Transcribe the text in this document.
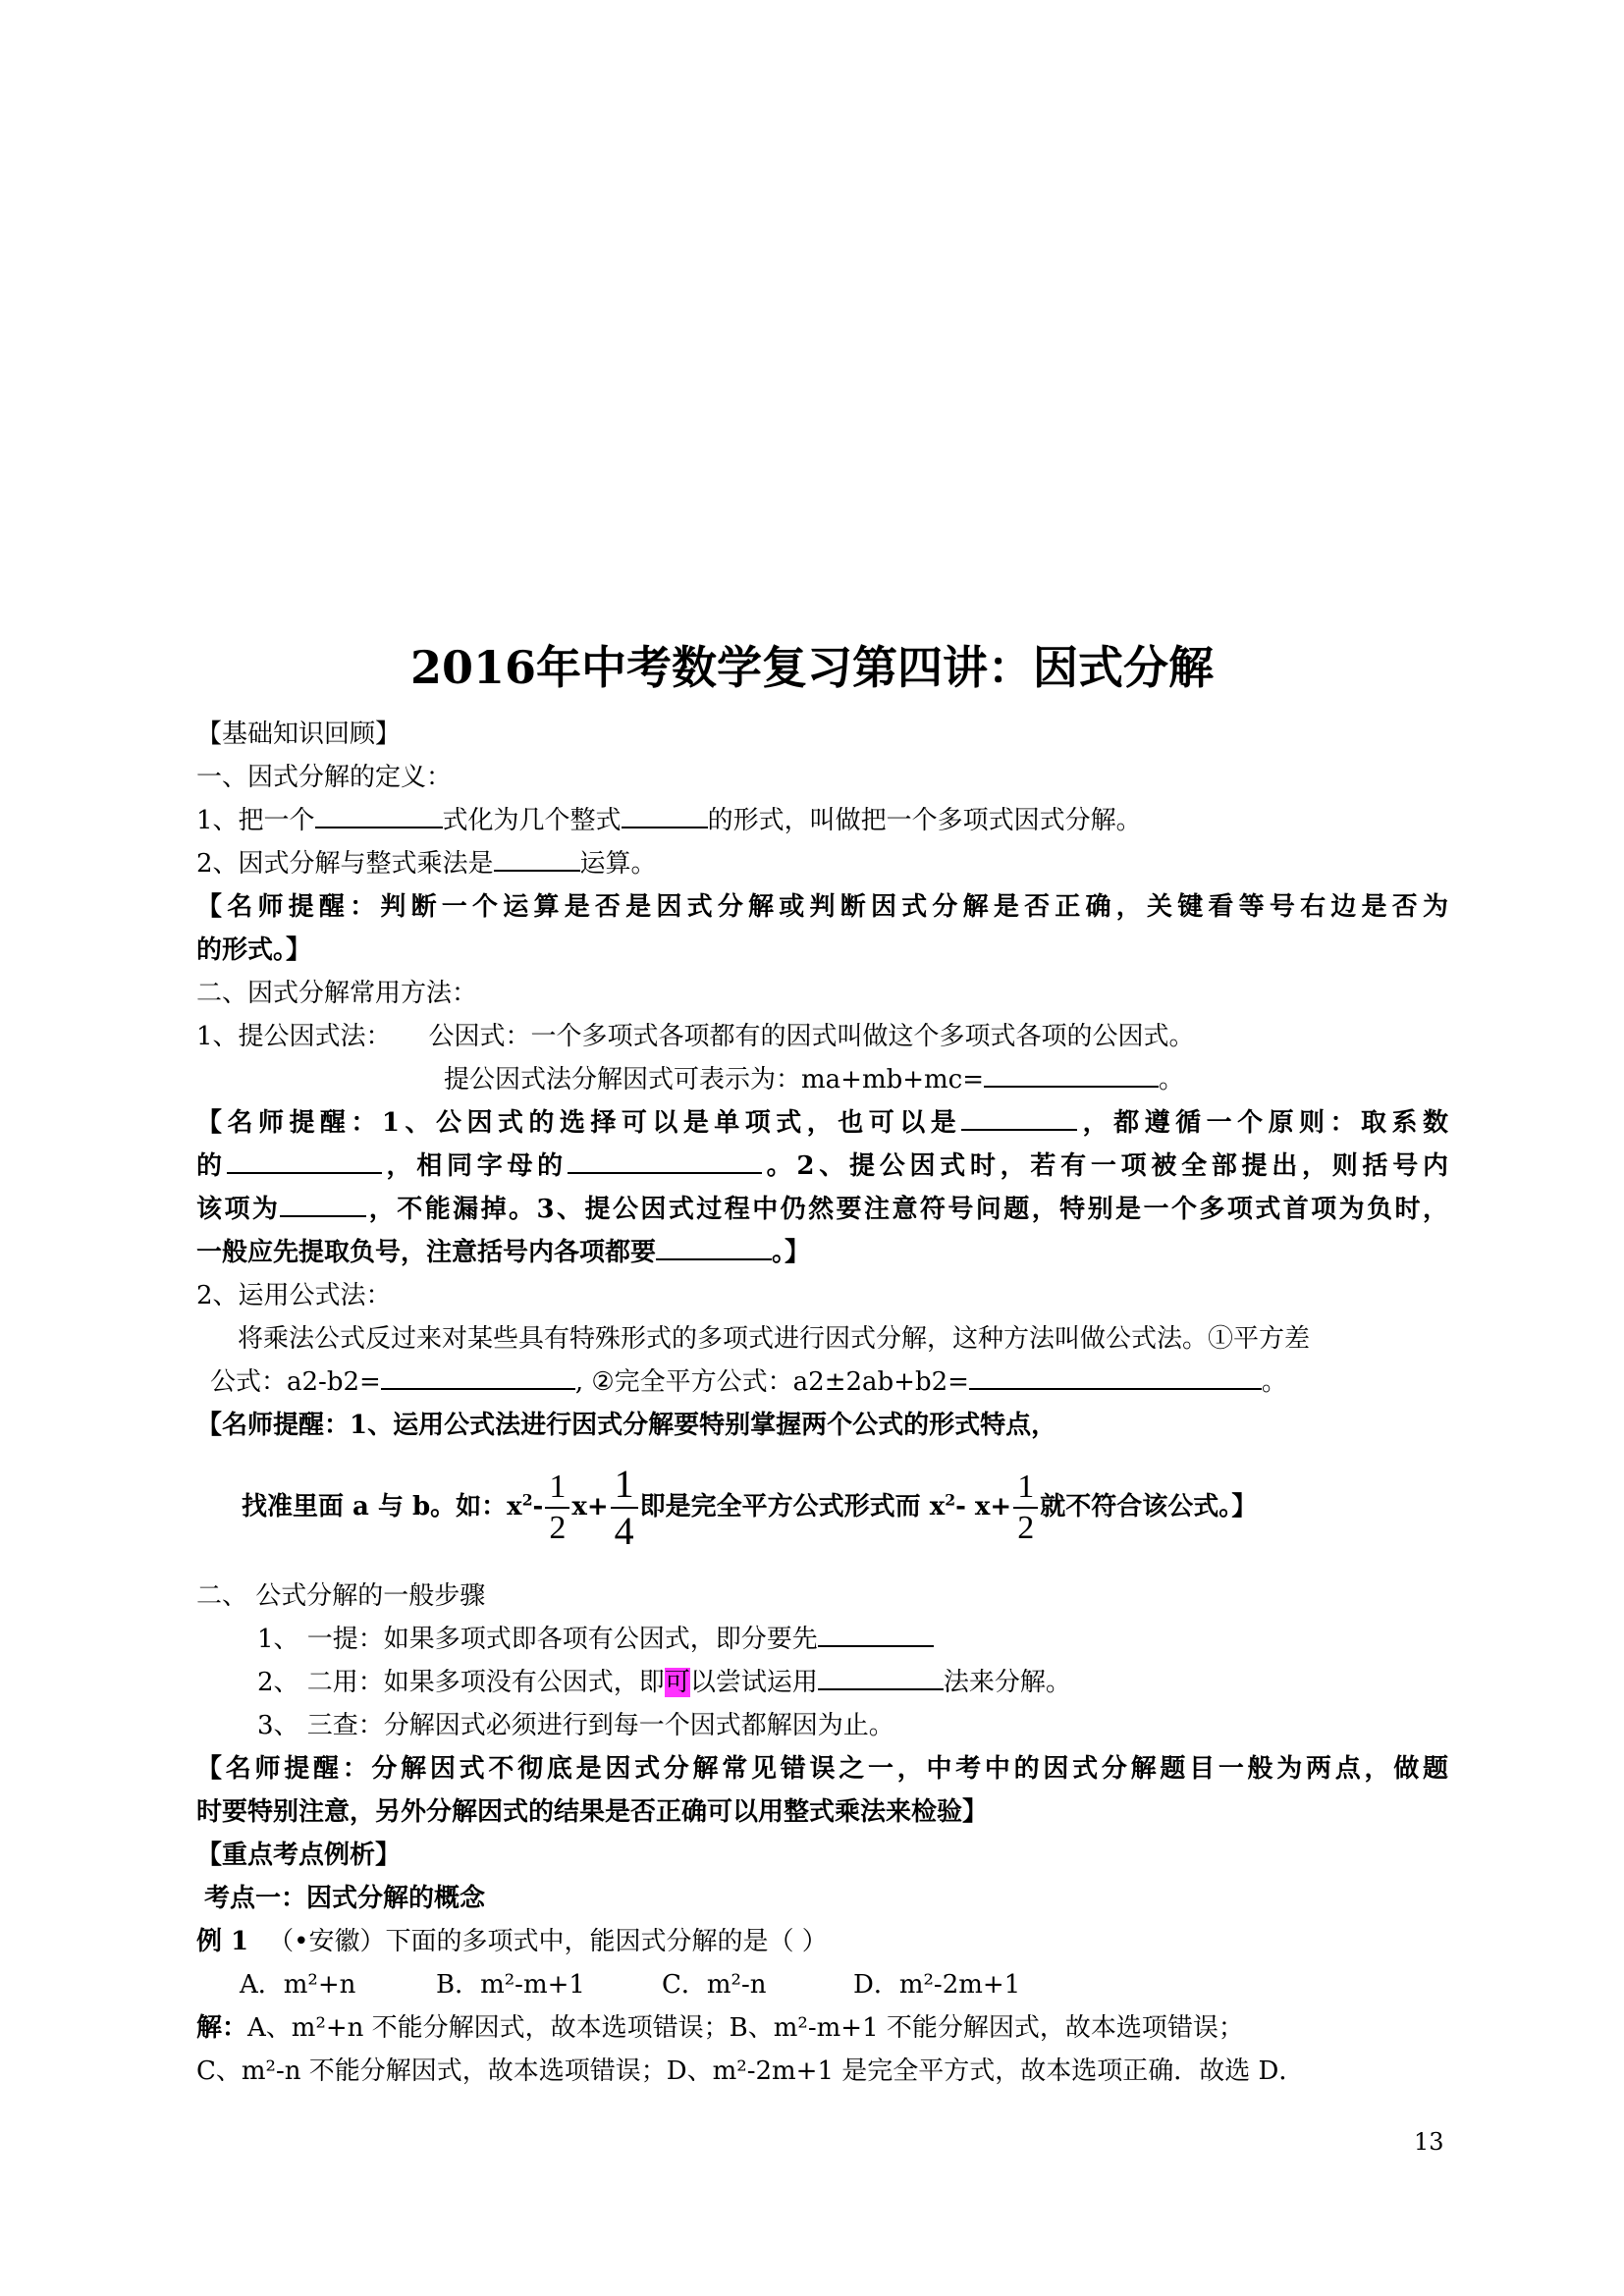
2016年中考数学复习第四讲：因式分解
【基础知识回顾】
一、因式分解的定义：
1、把一个	式化为几个整式	的形式，叫做把一个多项式因式分解。
2、因式分解与整式乘法是	运算。
【名师提醒：判断一个运算是否是因式分解或判断因式分解是否正确，关键看等号右边是否为
的形式。】
二、因式分解常用方法：
1、提公因式法： 公因式：一个多项式各项都有的因式叫做这个多项式各项的公因式。
提公因式法分解因式可表示为：ma+mb+mc=	。
【名师提醒：1、公因式的选择可以是单项式，也可以是	，都遵循一个原则：取系数
的	，相同字母的	。2、提公因式时，若有一项被全部提出，则括号内
该项为	，不能漏掉。3、提公因式过程中仍然要注意符号问题，特别是一个多项式首项为负时，
一般应先提取负号，注意括号内各项都要	。】
2、运用公式法：
将乘法公式反过来对某些具有特殊形式的多项式进行因式分解，这种方法叫做公式法。①平方差
公式：a2-b2=	, ②完全平方公式：a2±2ab+b2=	。
【名师提醒：1、运用公式法进行因式分解要特别掌握两个公式的形式特点，
找准里面 a 与 b。如：$x^2- \frac{1}{2} x+ \frac{1}{4}$ 即是完全平方公式形式而 $x^2-$ $x+ \frac{1}{2}$ 就不符合该公式。】
二、 公式分解的一般步骤
1、 一提：如果多项式即各项有公因式，即分要先
2、 二用：如果多项没有公因式，即可以尝试运用	法来分解。
3、 三查：分解因式必须进行到每一个因式都解因为止。
【名师提醒：分解因式不彻底是因式分解常见错误之一，中考中的因式分解题目一般为两点，做题
时要特别注意，另外分解因式的结果是否正确可以用整式乘法来检验】
【重点考点例析】
考点一：因式分解的概念
例 1 （•安徽）下面的多项式中，能因式分解的是（ ）
A．m²+n	B．m²-m+1	C．m²-n	D．m²-2m+1
解：A、m²+n 不能分解因式，故本选项错误；B、m²-m+1 不能分解因式，故本选项错误；
C、m²-n 不能分解因式，故本选项错误；D、m²-2m+1 是完全平方式，故本选项正确．故选 D．
13
